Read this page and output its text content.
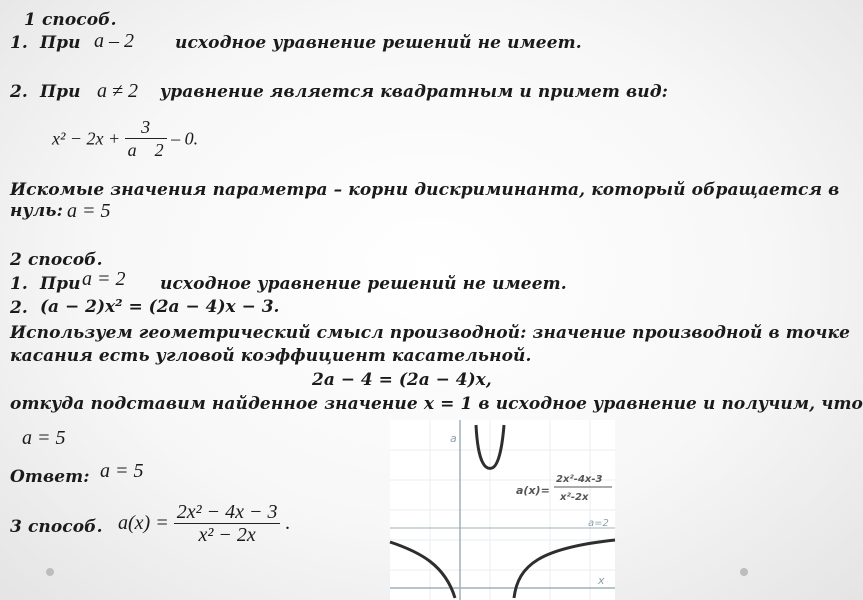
1 способ.
1. При a – 2 исходное уравнение решений не имеет.
2. При a ≠ 2 уравнение является квадратным и примет вид:
$x^2 - 2x + \frac{3}{a 2} - 0$.
Искомые значения параметра – корни дискриминанта, который обращается в
нуль: a = 5
2 способ.
1. При a = 2 исходное уравнение решений не имеет.
2. (a − 2)x² = (2a − 4)x − 3.
Используем геометрический смысл производной: значение производной в точке
касания есть угловой коэффициент касательной.
2a − 4 = (2a − 4)x,
откуда подставим найденное значение x = 1 в исходное уравнение и получим, что
a = 5
Ответ: a = 5
3 способ. $a(x) = \frac{\text{2x² − 4x − 3}}{\text{x² − 2x}}$ .
a
x
a=2
a(x)=
2x²-4x-3
x²-2x
